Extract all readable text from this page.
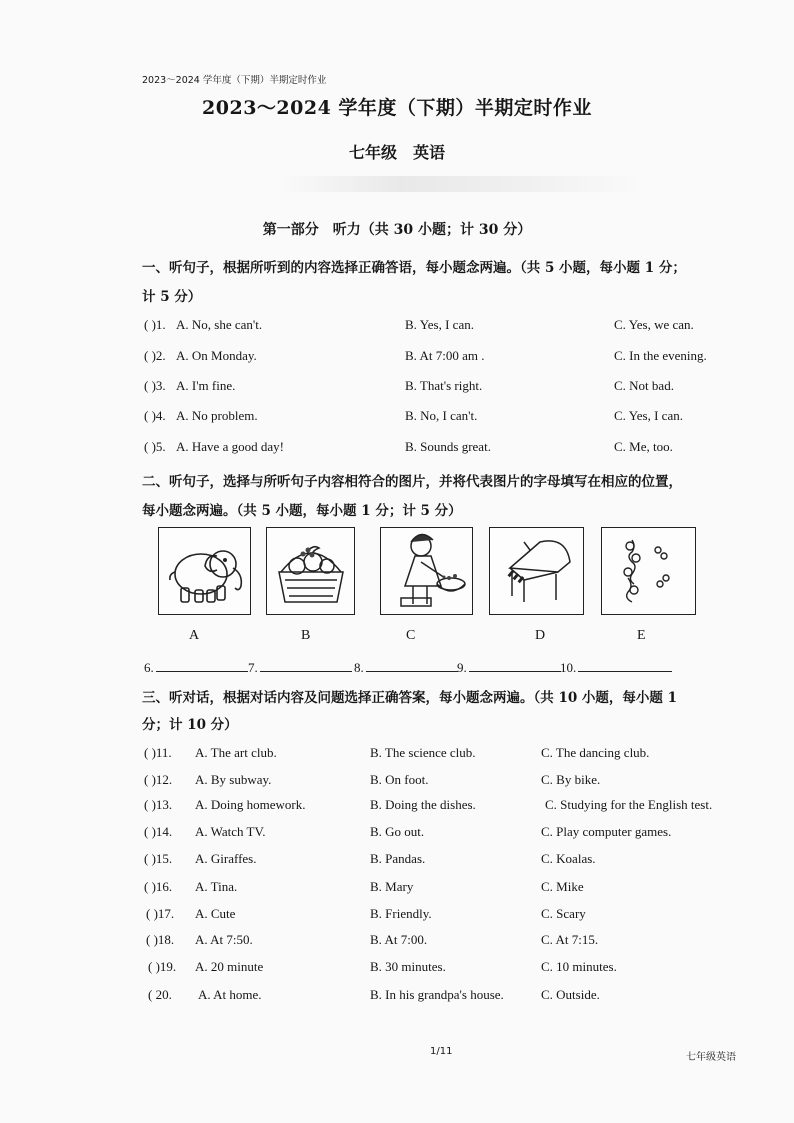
2023～2024 学年度（下期）半期定时作业
2023～2024 学年度（下期）半期定时作业
七年级　英语
第一部分　听力（共 30 小题；计 30 分）
一、听句子，根据所听到的内容选择正确答语，每小题念两遍。（共 5 小题，每小题 1 分；
计 5 分）
( )1. A. No, she can't.	B. Yes, I can.	C. Yes, we can.
( )2. A. On Monday.	B. At 7:00 am .	C. In the evening.
( )3. A. I'm fine.	B. That's right.	C. Not bad.
( )4. A. No problem.	B. No, I can't.	C. Yes, I can.
( )5. A. Have a good day!	B. Sounds great.	C. Me, too.
二、听句子，选择与所听句子内容相符合的图片，并将代表图片的字母填写在相应的位置，
每小题念两遍。（共 5 小题，每小题 1 分；计 5 分）
A	B	C	D	E
6.	7.	8.	9.	10.
三、听对话，根据对话内容及问题选择正确答案，每小题念两遍。（共 10 小题，每小题 1
分；计 10 分）
( )11. A. The art club.	B. The science club.	C. The dancing club.
( )12. A. By subway.	B. On foot.	C. By bike.
( )13. A. Doing homework.	B. Doing the dishes.	C. Studying for the English test.
( )14. A. Watch TV.	B. Go out.	C. Play computer games.
( )15. A. Giraffes.	B. Pandas.	C. Koalas.
( )16. A. Tina.	B. Mary	C. Mike
( )17. A. Cute	B. Friendly.	C. Scary
( )18. A. At 7:50.	B. At 7:00.	C. At 7:15.
( )19. A. 20 minute	B. 30 minutes.	C. 10 minutes.
( 20. A. At home.	B. In his grandpa's house.	C. Outside.
1/11
七年级英语
